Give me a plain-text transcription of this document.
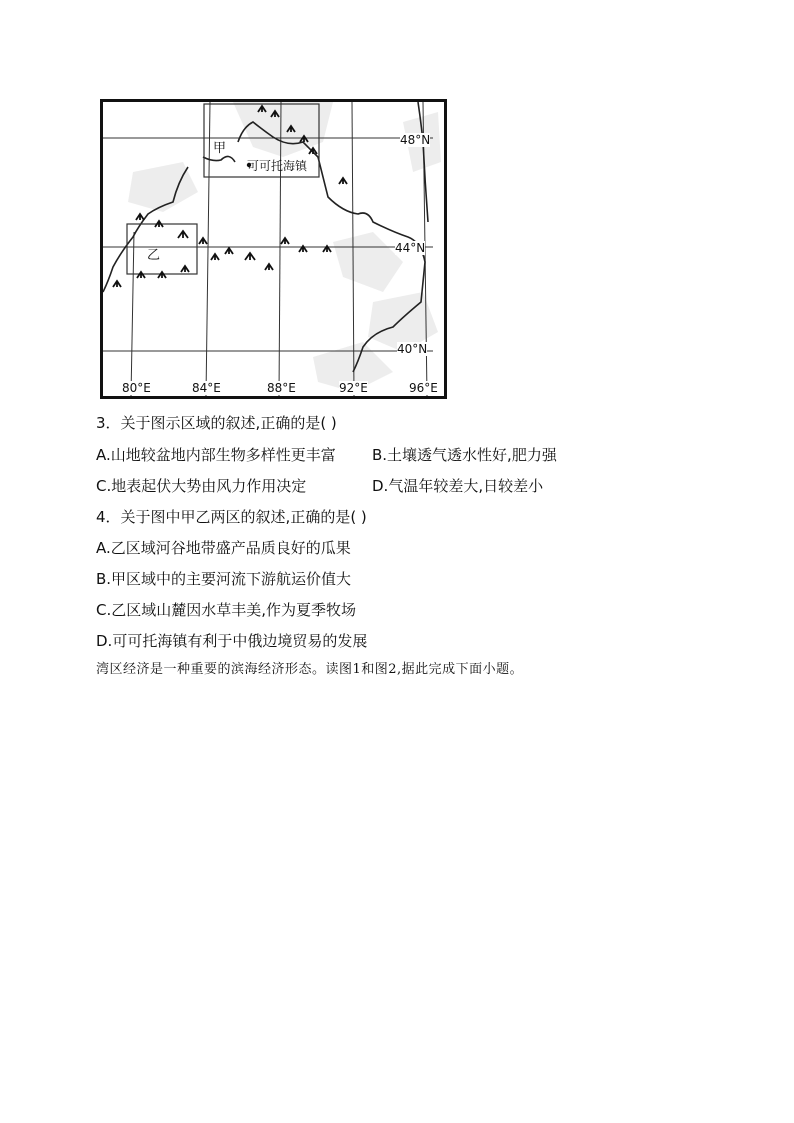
48°N
44°N
40°N
80°E	84°E	88°E	92°E	96°E
甲
可可托海镇
乙
3．关于图示区域的叙述,正确的是( )
A.山地较盆地内部生物多样性更丰富 B.土壤透气透水性好,肥力强
C.地表起伏大势由风力作用决定	D.气温年较差大,日较差小
4．关于图中甲乙两区的叙述,正确的是( )
A.乙区域河谷地带盛产品质良好的瓜果
B.甲区域中的主要河流下游航运价值大
C.乙区域山麓因水草丰美,作为夏季牧场
D.可可托海镇有利于中俄边境贸易的发展
湾区经济是一种重要的滨海经济形态。读图1和图2,据此完成下面小题。
